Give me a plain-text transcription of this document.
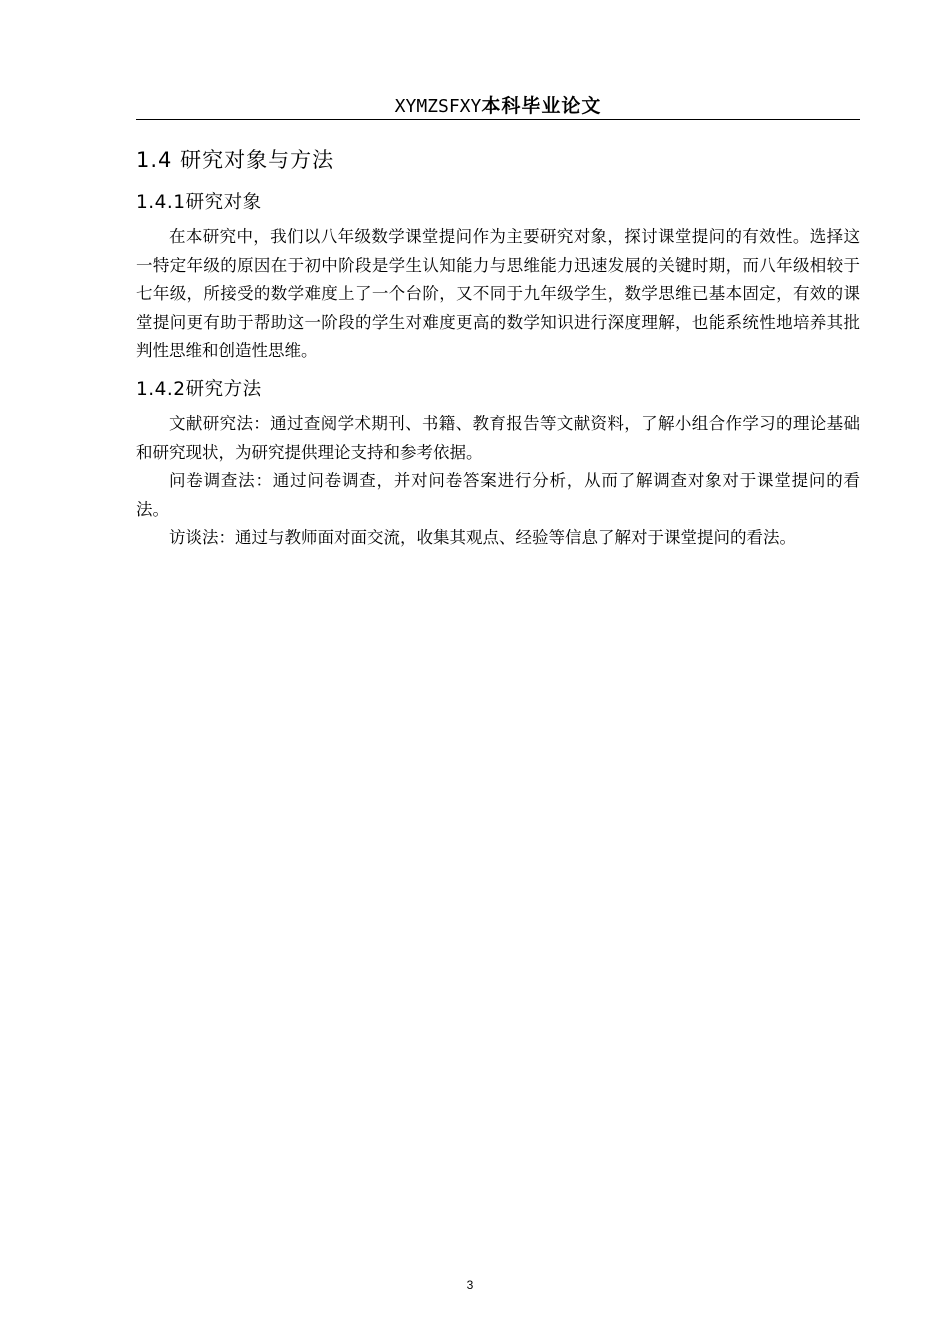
XYMZSFXY本科毕业论文
1.4 研究对象与方法
1.4.1研究对象

在本研究中，我们以八年级数学课堂提问作为主要研究对象，探讨课堂提问的有效性。选择这一特定年级的原因在于初中阶段是学生认知能力与思维能力迅速发展的关键时期，而八年级相较于七年级，所接受的数学难度上了一个台阶，又不同于九年级学生，数学思维已基本固定，有效的课堂提问更有助于帮助这一阶段的学生对难度更高的数学知识进行深度理解，也能系统性地培养其批判性思维和创造性思维。

1.4.2研究方法

文献研究法：通过查阅学术期刊、书籍、教育报告等文献资料，了解小组合作学习的理论基础和研究现状，为研究提供理论支持和参考依据。

问卷调查法：通过问卷调查，并对问卷答案进行分析，从而了解调查对象对于课堂提问的看法。

访谈法：通过与教师面对面交流，收集其观点、经验等信息了解对于课堂提问的看法。

3
